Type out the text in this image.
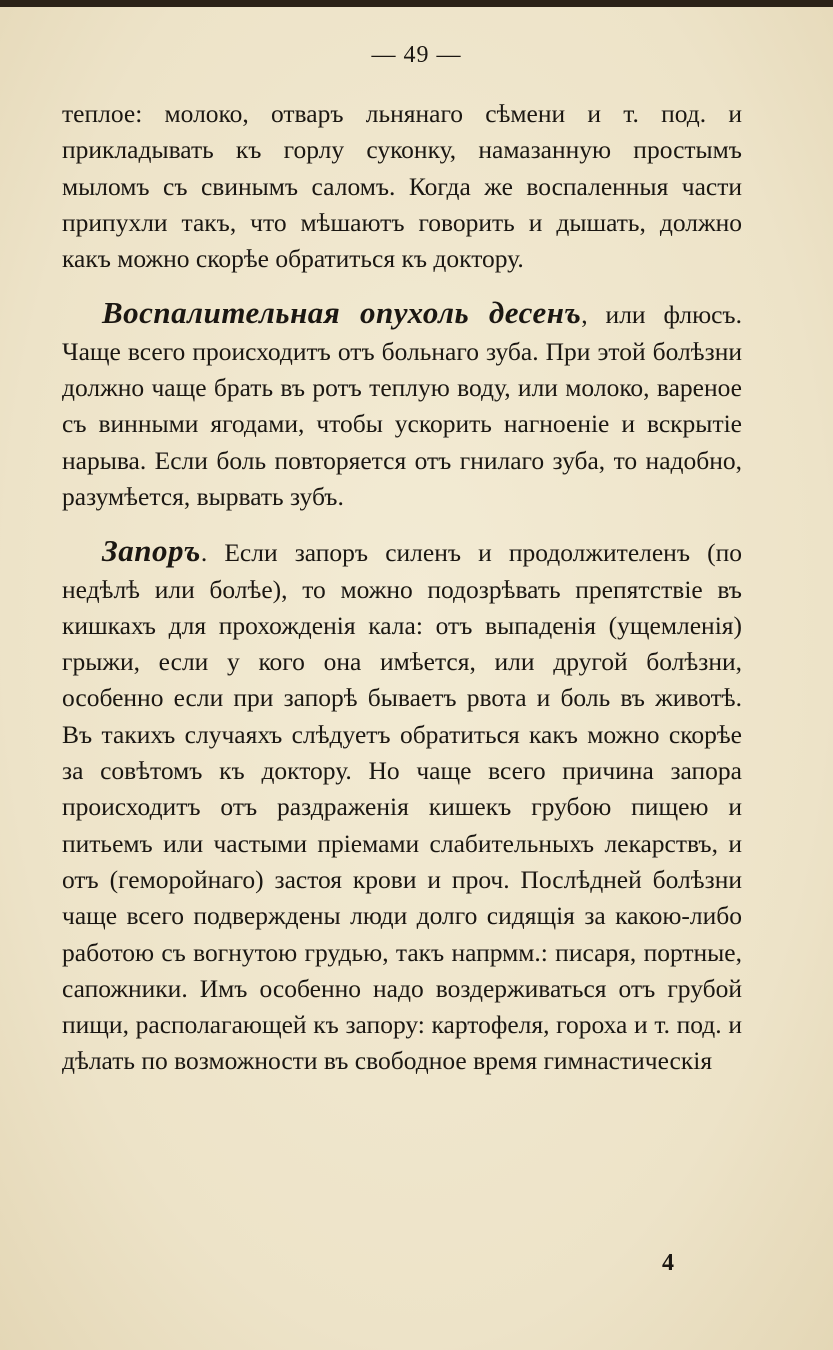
— 49 —

теплое: молоко, отваръ льнянаго сѣмени и т. под. и прикладывать къ горлу суконку, намазанную простымъ мыломъ съ свинымъ саломъ. Когда же воспаленныя части припухли такъ, что мѣшаютъ говорить и дышать, должно какъ можно скорѣе обратиться къ доктору.

Воспалительная опухоль десенъ, или флюсъ. Чаще всего происходитъ отъ больнаго зуба. При этой болѣзни должно чаще брать въ ротъ теплую воду, или молоко, вареное съ винными ягодами, чтобы ускорить нагноеніе и вскрытіе нарыва. Если боль повторяется отъ гнилаго зуба, то надобно, разумѣется, вырвать зубъ.

Запоръ. Если запоръ силенъ и продолжителенъ (по недѣлѣ или болѣе), то можно подозрѣвать препятствіе въ кишкахъ для прохожденія кала: отъ выпаденія (ущемленія) грыжи, если у кого она имѣется, или другой болѣзни, особенно если при запорѣ бываетъ рвота и боль въ животѣ. Въ такихъ случаяхъ слѣдуетъ обратиться какъ можно скорѣе за совѣтомъ къ доктору. Но чаще всего причина запора происходитъ отъ раздраженія кишекъ грубою пищею и питьемъ или частыми пріемами слабительныхъ лекарствъ, и отъ (геморойнаго) застоя крови и проч. Послѣдней болѣзни чаще всего подверждены люди долго сидящія за какою-либо работою съ вогнутою грудью, такъ напрмм.: писаря, портные, сапожники. Имъ особенно надо воздерживаться отъ грубой пищи, располагающей къ запору: картофеля, гороха и т. под. и дѣлать по возможности въ свободное время гимнастическія

4
